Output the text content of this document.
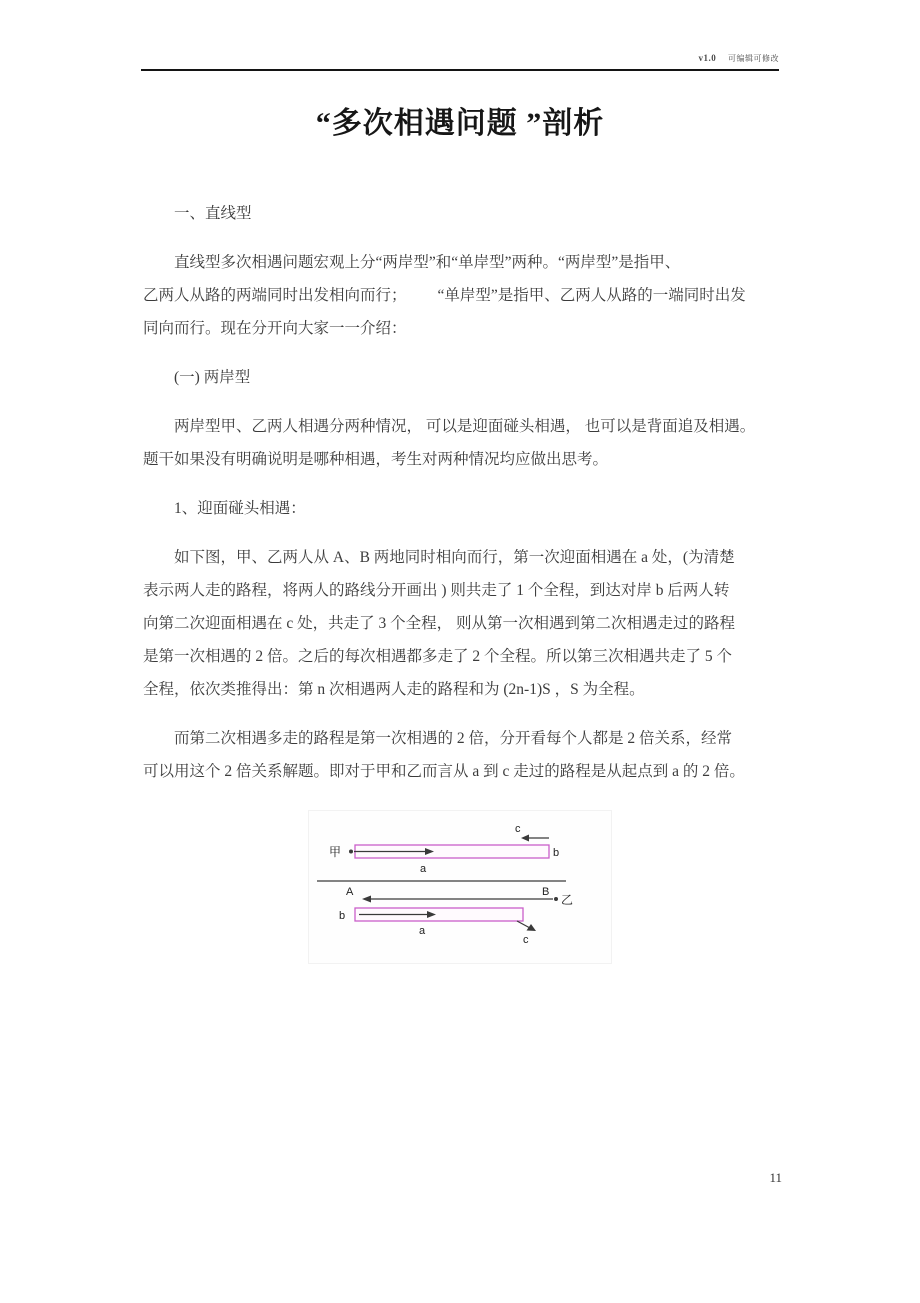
v1.0 可编辑可修改
“多次相遇问题 ”剖析
一、直线型
直线型多次相遇问题宏观上分“两岸型”和“单岸型”两种。“两岸型”是指甲、
乙两人从路的两端同时出发相向而行；        “单岸型”是指甲、乙两人从路的一端同时出发
同向而行。现在分开向大家一一介绍：
(一) 两岸型
两岸型甲、乙两人相遇分两种情况， 可以是迎面碰头相遇， 也可以是背面追及相遇。
题干如果没有明确说明是哪种相遇，考生对两种情况均应做出思考。
1、迎面碰头相遇：
如下图，甲、乙两人从 A、B 两地同时相向而行，第一次迎面相遇在 a 处，(为清楚
表示两人走的路程，将两人的路线分开画出 ) 则共走了 1 个全程，到达对岸 b 后两人转
向第二次迎面相遇在 c 处，共走了 3 个全程， 则从第一次相遇到第二次相遇走过的路程
是第一次相遇的 2 倍。之后的每次相遇都多走了 2 个全程。所以第三次相遇共走了 5 个
全程，依次类推得出：第 n 次相遇两人走的路程和为 (2n-1)S ，S 为全程。
而第二次相遇多走的路程是第一次相遇的 2 倍，分开看每个人都是 2 倍关系，经常
可以用这个 2 倍关系解题。即对于甲和乙而言从 a 到 c 走过的路程是从起点到 a 的 2 倍。
c
甲
a
b
A	B
乙
b
a
c
11
